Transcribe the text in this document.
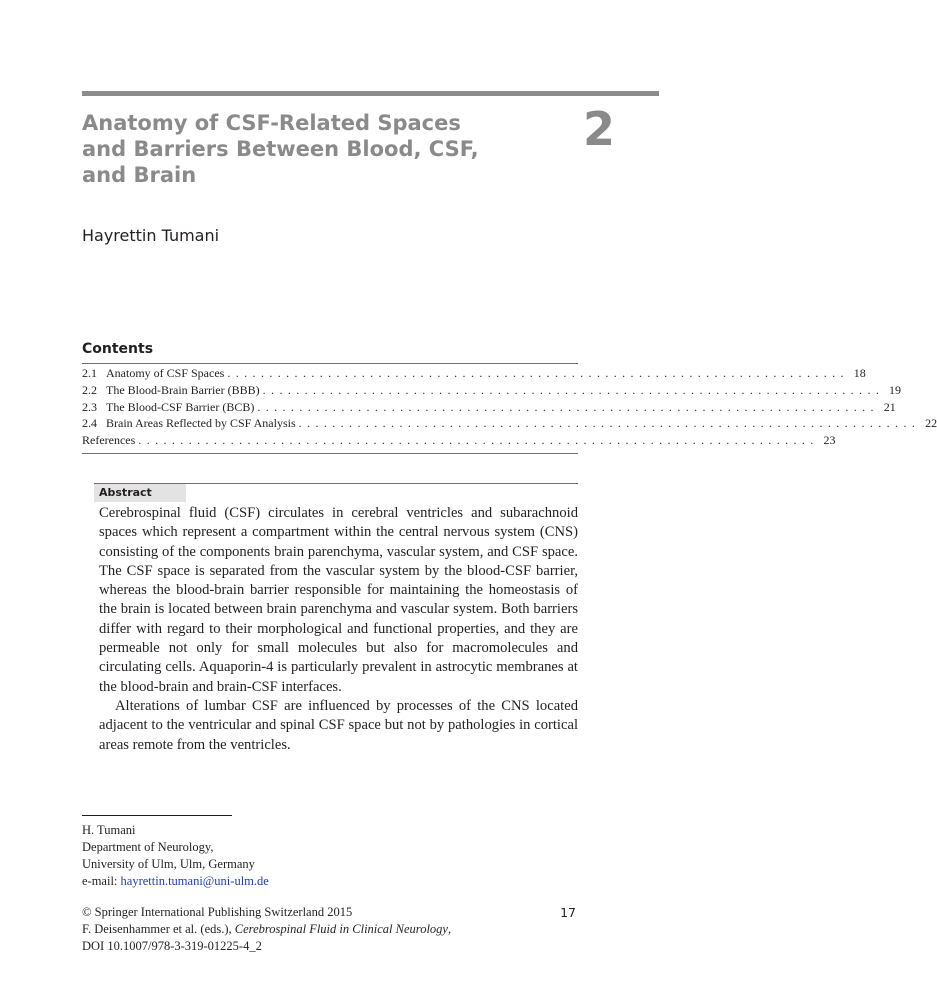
Anatomy of CSF-Related Spaces
and Barriers Between Blood, CSF,
and Brain
2
Hayrettin Tumani
Contents
2.1 Anatomy of CSF Spaces . . . . . . . . . . . . . . . . . . . . . . . . . . . . . . . . . . . . . . . . . . . . . . . . . . . . . . . . . . . . . . . . . . . . . . . . . . 18
2.2 The Blood-Brain Barrier (BBB) . . . . . . . . . . . . . . . . . . . . . . . . . . . . . . . . . . . . . . . . . . . . . . . . . . . . . . . . . . . . . . . . . . . . . . . . . . 19
2.3 The Blood-CSF Barrier (BCB) . . . . . . . . . . . . . . . . . . . . . . . . . . . . . . . . . . . . . . . . . . . . . . . . . . . . . . . . . . . . . . . . . . . . . . . . . . 21
2.4 Brain Areas Reflected by CSF Analysis . . . . . . . . . . . . . . . . . . . . . . . . . . . . . . . . . . . . . . . . . . . . . . . . . . . . . . . . . . . . . . . . . . . . . . . . . . 22
References . . . . . . . . . . . . . . . . . . . . . . . . . . . . . . . . . . . . . . . . . . . . . . . . . . . . . . . . . . . . . . . . . . . . . . . . . . . . . . . . . 23
Abstract

Cerebrospinal fluid (CSF) circulates in cerebral ventricles and subarachnoid spaces which represent a compartment within the central nervous system (CNS) consisting of the components brain parenchyma, vascular system, and CSF space. The CSF space is separated from the vascular system by the blood-CSF barrier, whereas the blood-brain barrier responsible for maintaining the homeostasis of the brain is located between brain parenchyma and vascular system. Both barriers differ with regard to their morphological and functional properties, and they are permeable not only for small molecules but also for macromolecules and circulating cells. Aquaporin-4 is particularly prevalent in astrocytic membranes at the blood-brain and brain-CSF interfaces.

Alterations of lumbar CSF are influenced by processes of the CNS located adjacent to the ventricular and spinal CSF space but not by pathologies in cortical areas remote from the ventricles.

H. Tumani
Department of Neurology,
University of Ulm, Ulm, Germany
e-mail: hayrettin.tumani@uni-ulm.de
© Springer International Publishing Switzerland 2015
F. Deisenhammer et al. (eds.), Cerebrospinal Fluid in Clinical Neurology,
DOI 10.1007/978-3-319-01225-4_2
17
